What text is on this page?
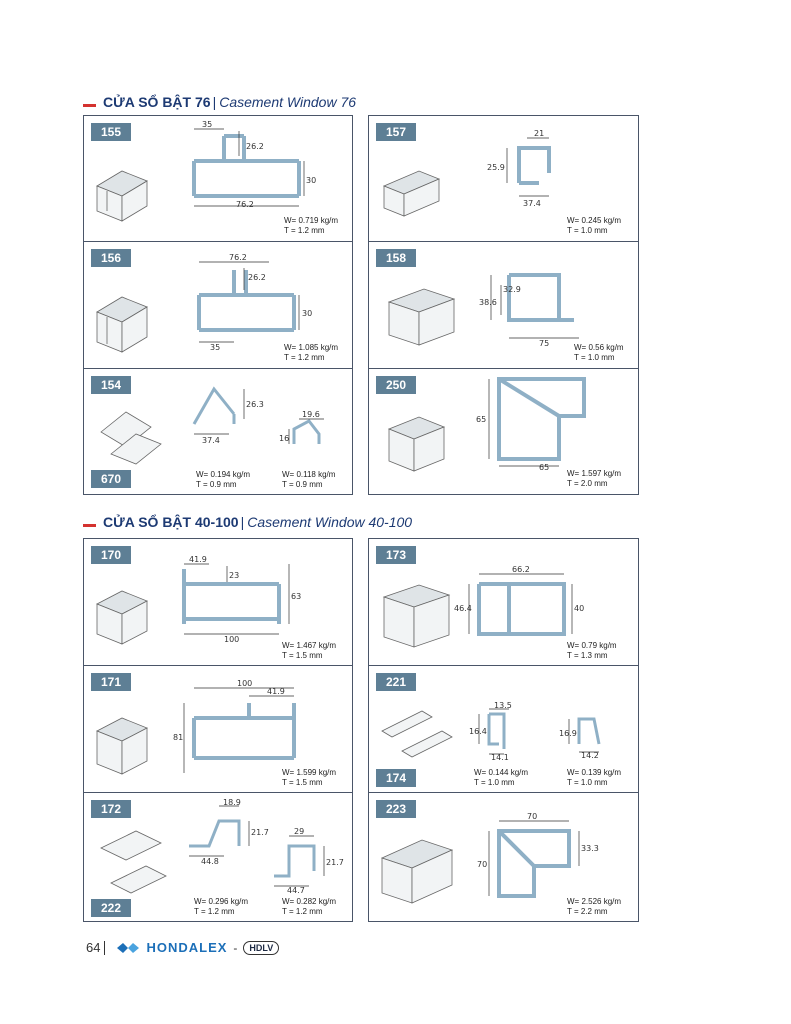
CỬA SỔ BẬT 76 | Casement Window 76
CỬA SỔ BẬT 40-100 | Casement Window 40-100
155
35
26.2
30
76.2
W= 0.719 kg/m
T = 1.2 mm
157	21
25.9
37.4
W= 0.245 kg/m
T = 1.0 mm
156	76.2
26.2
30
35	W= 1.085 kg/m
T = 1.2 mm
158
38.6
32.9
75	W= 0.56 kg/m
T = 1.0 mm
154
670
26.3
37.4
19.6
16
W= 0.194 kg/m
T = 0.9 mm
W= 0.118 kg/m
T = 0.9 mm
250
65
65
W= 1.597 kg/m
T = 2.0 mm
170	41.9
23
63
100
W= 1.467 kg/m
T = 1.5 mm
173
66.2
46.4	40
W= 0.79 kg/m
T = 1.3 mm
171	100
41.9
81
W= 1.599 kg/m
T = 1.5 mm
221
174
13.5
16.4
14.1
16.9
14.2
W= 0.144 kg/m
T = 1.0 mm
W= 0.139 kg/m
T = 1.0 mm
172
222
18.9
21.7
44.8
29
21.7
44.7
W= 0.296 kg/m
T = 1.2 mm
W= 0.282 kg/m
T = 1.2 mm
223
70
33.3
70
W= 2.526 kg/m
T = 2.2 mm
64	HONDALEX -	HDLV
